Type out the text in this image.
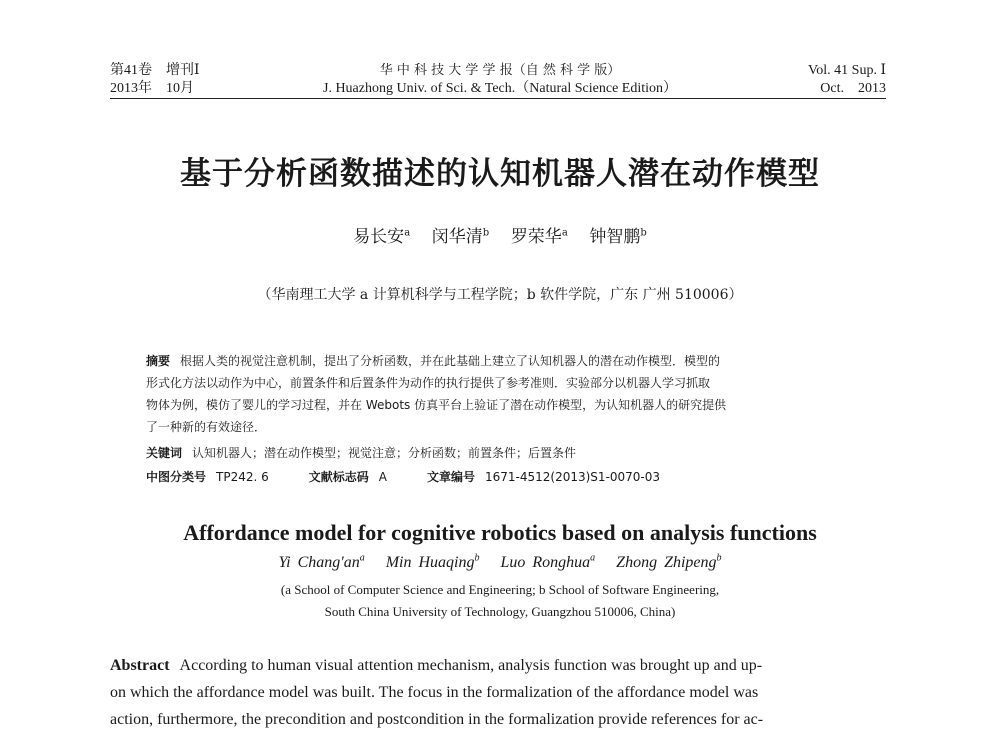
第41卷　增刊Ⅰ
2013年　10月
华 中 科 技 大 学 学 报（自 然 科 学 版）
J. Huazhong Univ. of Sci. & Tech.（Natural Science Edition）
Vol. 41 Sup. Ⅰ
Oct.　2013
基于分析函数描述的认知机器人潜在动作模型
易长安$^a$ 闵华清$^b$ 罗荣华$^a$ 钟智鹏$^b$
（华南理工大学 a 计算机科学与工程学院；b 软件学院，广东 广州 510006）
摘要 根据人类的视觉注意机制，提出了分析函数，并在此基础上建立了认知机器人的潜在动作模型．模型的
形式化方法以动作为中心，前置条件和后置条件为动作的执行提供了参考准则．实验部分以机器人学习抓取
物体为例，模仿了婴儿的学习过程，并在 Webots 仿真平台上验证了潜在动作模型，为认知机器人的研究提供
了一种新的有效途径．
关键词 认知机器人；潜在动作模型；视觉注意；分析函数；前置条件；后置条件
中图分类号 TP242. 6	文献标志码 A	文章编号 1671-4512(2013)S1-0070-03
Affordance model for cognitive robotics based on analysis functions
Yi $Chang'an^a$ Min Huaqing$^b$ Luo Ronghua$^a$ Zhong Zhipeng$^b$
(a School of Computer Science and Engineering; b School of Software Engineering,
South China University of Technology, Guangzhou 510006, China)
Abstract According to human visual attention mechanism, analysis function was brought up and up-
on which the affordance model was built. The focus in the formalization of the affordance model was
action, furthermore, the precondition and postcondition in the formalization provide references for ac-
